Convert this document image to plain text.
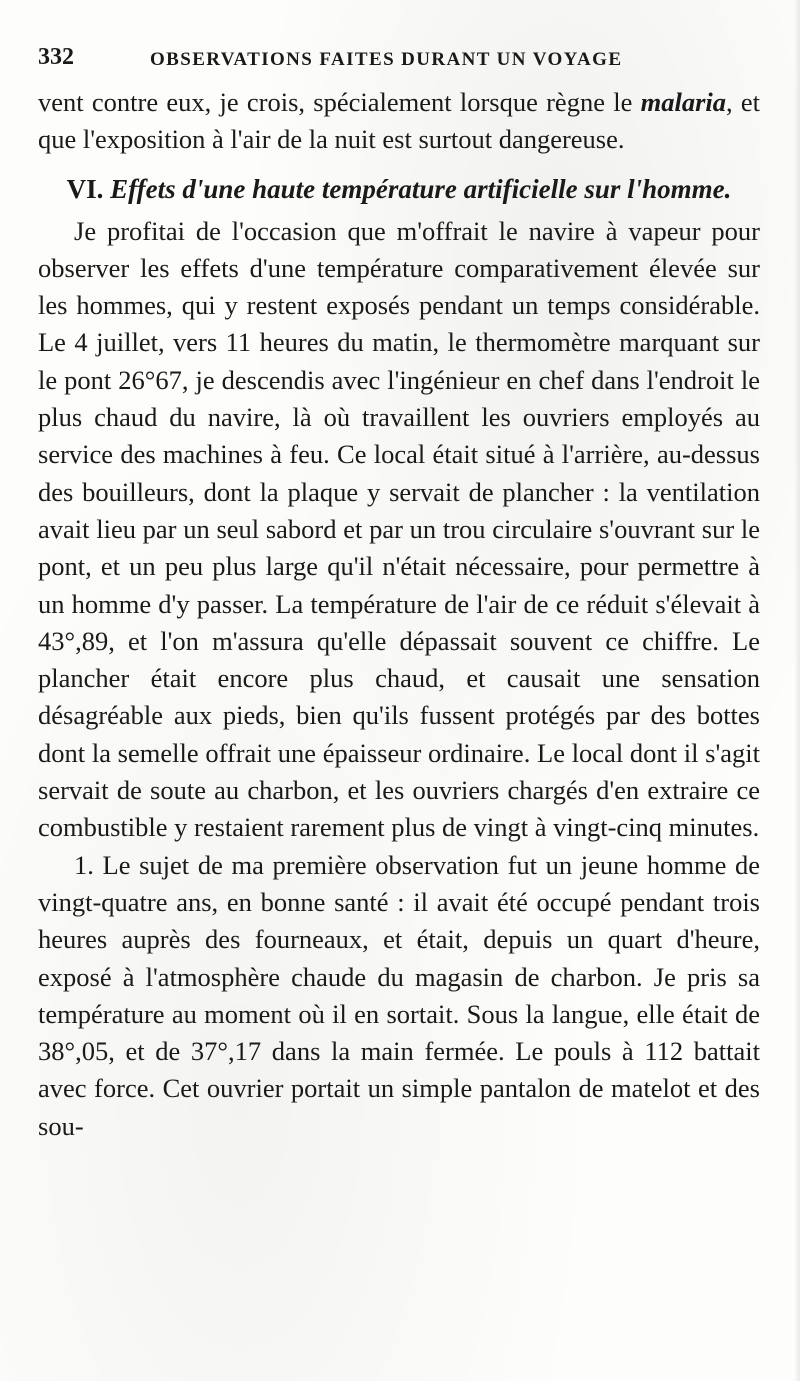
332	OBSERVATIONS FAITES DURANT UN VOYAGE

vent contre eux, je crois, spécialement lorsque règne le malaria, et que l'exposition à l'air de la nuit est surtout dangereuse.

VI. Effets d'une haute température artificielle sur l'homme.

Je profitai de l'occasion que m'offrait le navire à vapeur pour observer les effets d'une température comparativement élevée sur les hommes, qui y restent exposés pendant un temps considérable. Le 4 juillet, vers 11 heures du matin, le thermomètre marquant sur le pont 26°67, je descendis avec l'ingénieur en chef dans l'endroit le plus chaud du navire, là où travaillent les ouvriers employés au service des machines à feu. Ce local était situé à l'arrière, au-dessus des bouilleurs, dont la plaque y servait de plancher : la ventilation avait lieu par un seul sabord et par un trou circulaire s'ouvrant sur le pont, et un peu plus large qu'il n'était nécessaire, pour permettre à un homme d'y passer. La température de l'air de ce réduit s'élevait à 43°,89, et l'on m'assura qu'elle dépassait souvent ce chiffre. Le plancher était encore plus chaud, et causait une sensation désagréable aux pieds, bien qu'ils fussent protégés par des bottes dont la semelle offrait une épaisseur ordinaire. Le local dont il s'agit servait de soute au charbon, et les ouvriers chargés d'en extraire ce combustible y restaient rarement plus de vingt à vingt-cinq minutes.

1. Le sujet de ma première observation fut un jeune homme de vingt-quatre ans, en bonne santé : il avait été occupé pendant trois heures auprès des fourneaux, et était, depuis un quart d'heure, exposé à l'atmosphère chaude du magasin de charbon. Je pris sa température au moment où il en sortait. Sous la langue, elle était de 38°,05, et de 37°,17 dans la main fermée. Le pouls à 112 battait avec force. Cet ouvrier portait un simple pantalon de matelot et des sou-
